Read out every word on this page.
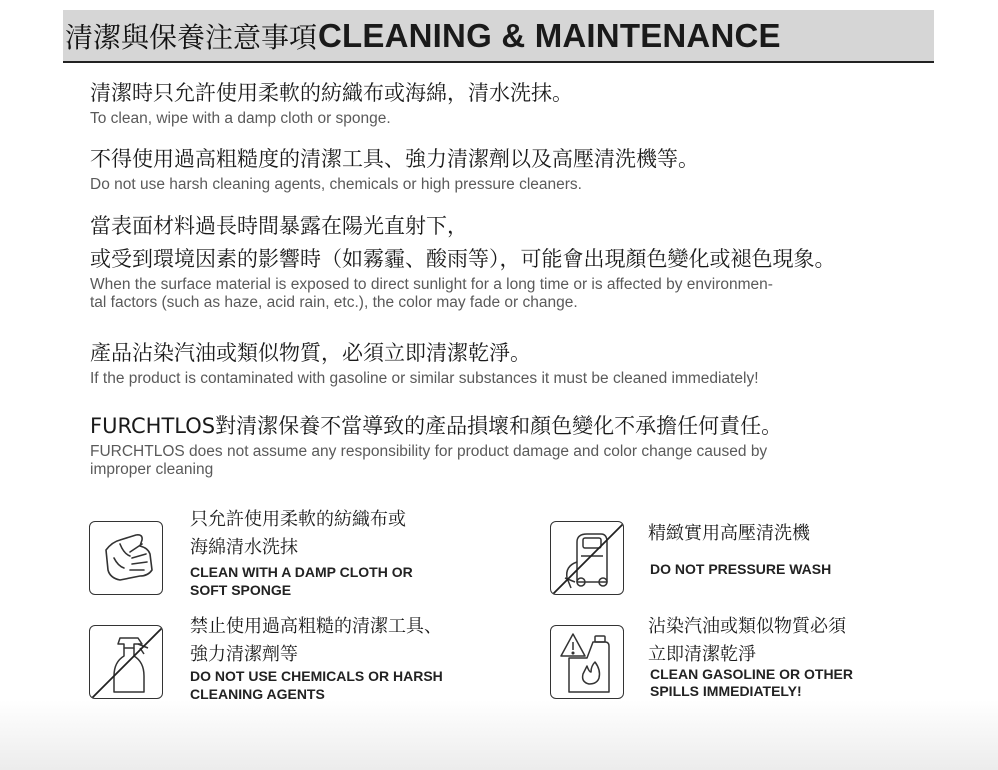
清潔與保養注意事項 CLEANING & MAINTENANCE
清潔時只允許使用柔軟的紡織布或海綿，清水洗抹。
To clean, wipe with a damp cloth or sponge.
不得使用過高粗糙度的清潔工具、強力清潔劑以及高壓清洗機等。
Do not use harsh cleaning agents, chemicals or high pressure cleaners.
當表面材料過長時間暴露在陽光直射下，
或受到環境因素的影響時（如霧霾、酸雨等），可能會出現顏色變化或褪色現象。
When the surface material is exposed to direct sunlight for a long time or is affected by environmen-
tal factors (such as haze, acid rain, etc.), the color may fade or change.
產品沾染汽油或類似物質，必須立即清潔乾淨。
If the product is contaminated with gasoline or similar substances it must be cleaned immediately!
FURCHTLOS對清潔保養不當導致的產品損壞和顏色變化不承擔任何責任。
FURCHTLOS does not assume any responsibility for product damage and color change caused by
improper cleaning
只允許使用柔軟的紡織布或
海綿清水洗抹
CLEAN WITH A DAMP CLOTH OR
SOFT SPONGE
精緻實用高壓清洗機
DO NOT PRESSURE WASH
禁止使用過高粗糙的清潔工具、
強力清潔劑等
DO NOT USE CHEMICALS OR HARSH
CLEANING AGENTS
沾染汽油或類似物質必須
立即清潔乾淨
CLEAN GASOLINE OR OTHER
SPILLS IMMEDIATELY!
